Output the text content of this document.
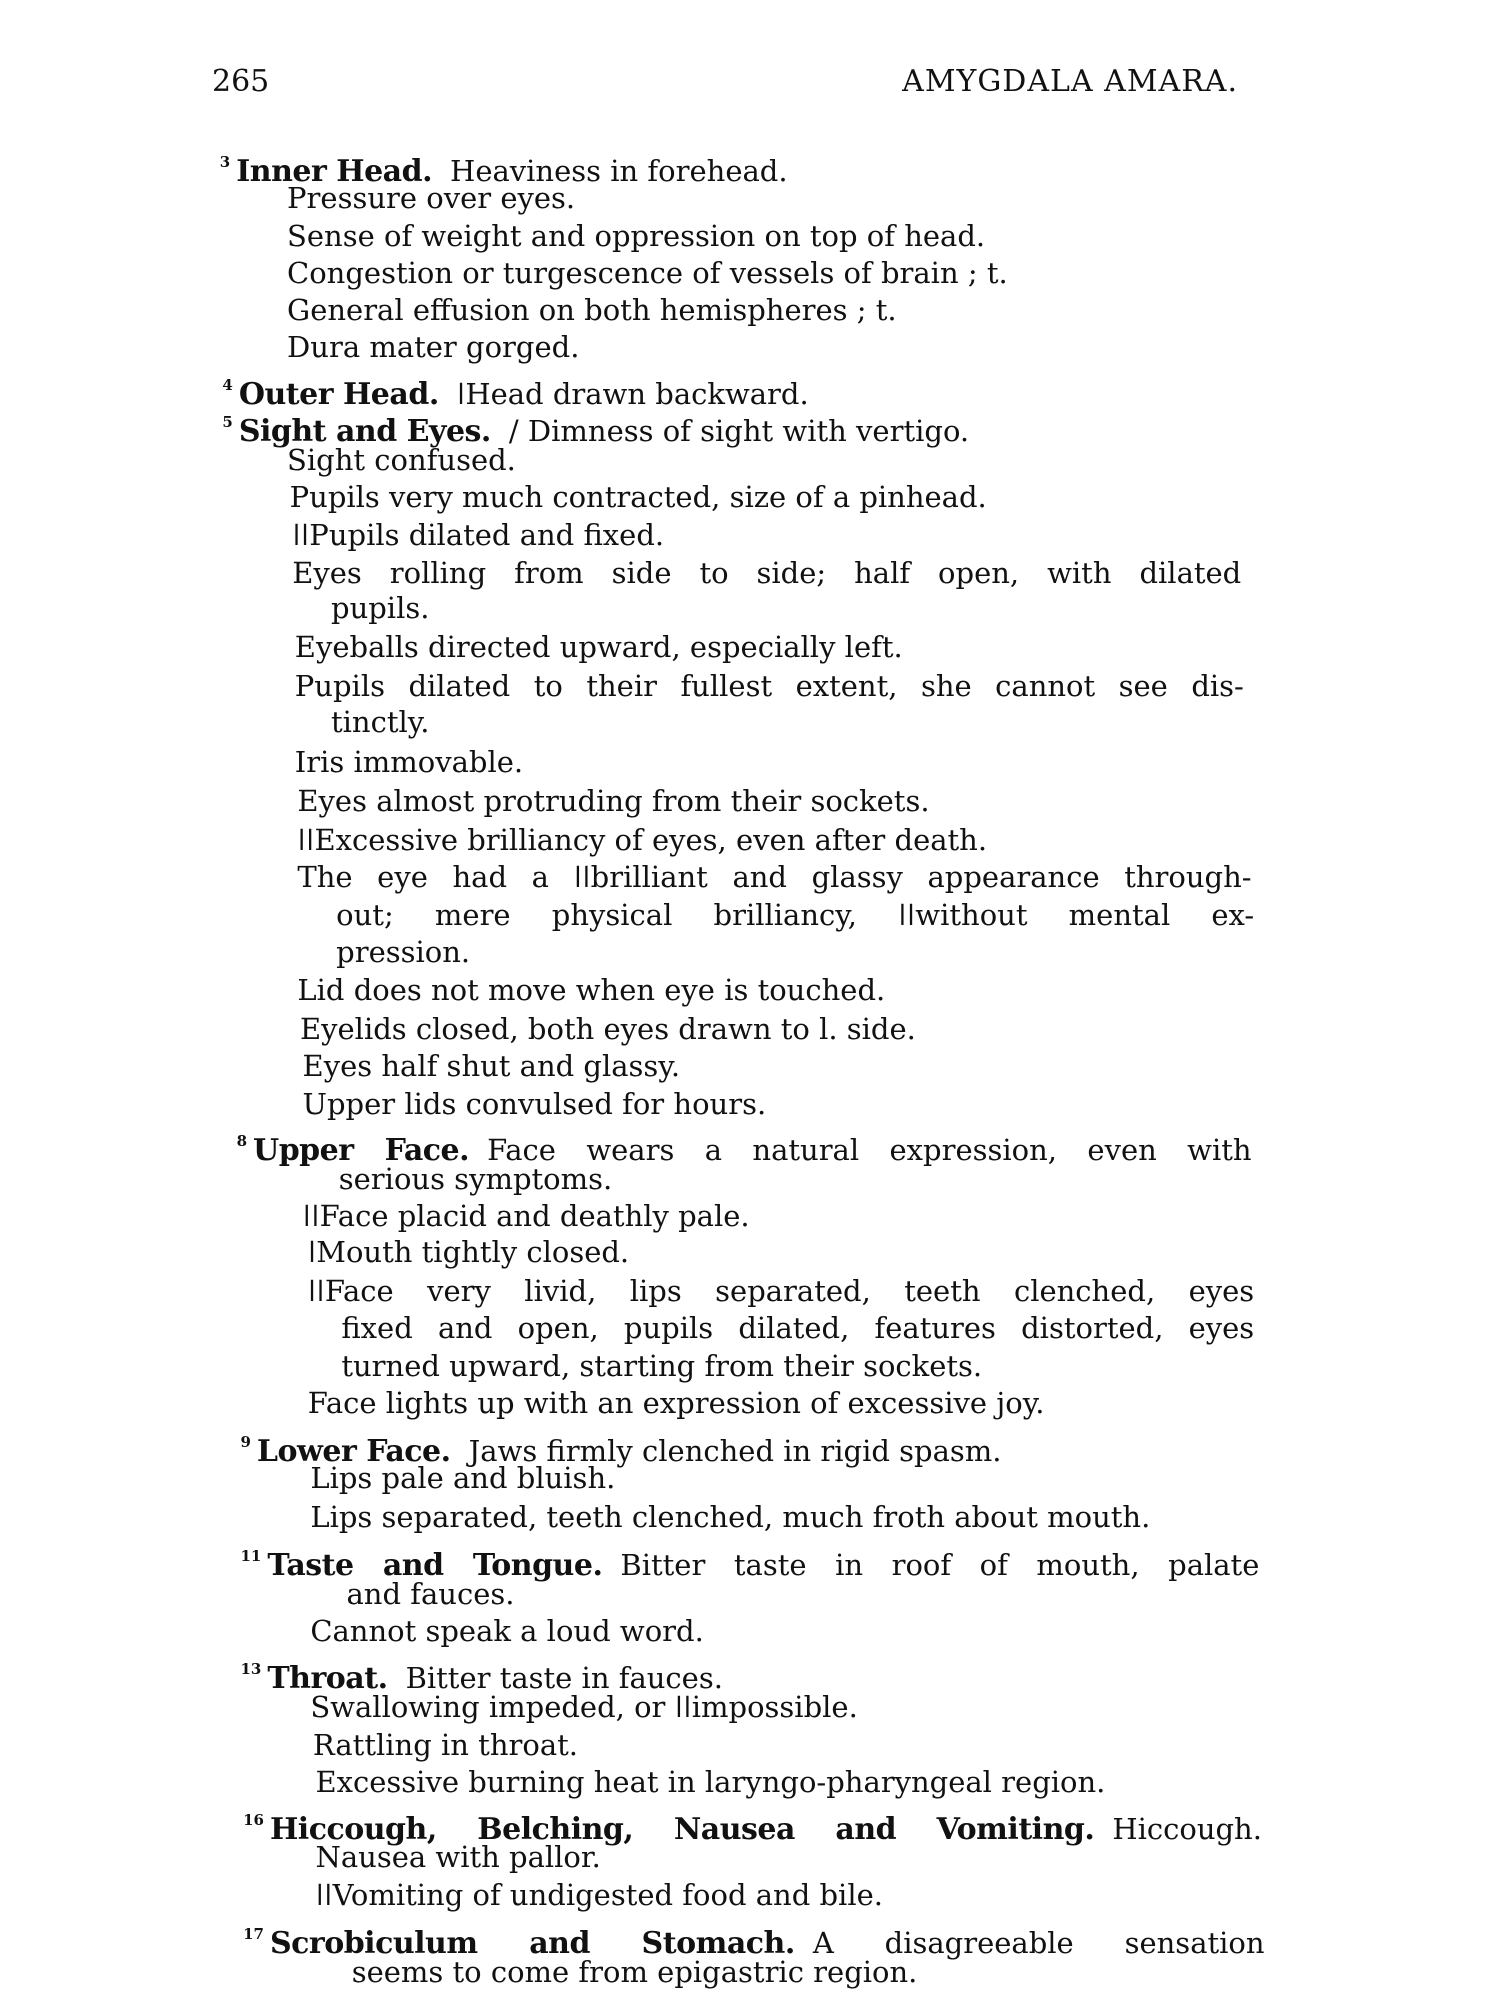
265	AMYGDALA AMARA.
$^3$ Inner Head. Heaviness in forehead.
Pressure over eyes.
Sense of weight and oppression on top of head.
Congestion or turgescence of vessels of brain ; t.
General effusion on both hemispheres ; t.
Dura mater gorged.
$^4$ Outer Head. ǀHead drawn backward.
$^5$ Sight and Eyes. / Dimness of sight with vertigo.
Sight confused.
Pupils very much contracted, size of a pinhead.
ǀǀPupils dilated and fixed.
Eyes rolling from side to side; half open, with dilated
pupils.
Eyeballs directed upward, especially left.
Pupils dilated to their fullest extent, she cannot see dis-
tinctly.
Iris immovable.
Eyes almost protruding from their sockets.
ǀǀExcessive brilliancy of eyes, even after death.
The eye had a ǀǀbrilliant and glassy appearance through-
out; mere physical brilliancy, ǀǀwithout mental ex-
pression.
Lid does not move when eye is touched.
Eyelids closed, both eyes drawn to l. side.
Eyes half shut and glassy.
Upper lids convulsed for hours.
$^8$ Upper Face. Face wears a natural expression, even with
serious symptoms.
ǀǀFace placid and deathly pale.
ǀMouth tightly closed.
ǀǀFace very livid, lips separated, teeth clenched, eyes
fixed and open, pupils dilated, features distorted, eyes
turned upward, starting from their sockets.
Face lights up with an expression of excessive joy.
$^9$ Lower Face. Jaws firmly clenched in rigid spasm.
Lips pale and bluish.
Lips separated, teeth clenched, much froth about mouth.
$^{11}$ Taste and Tongue. Bitter taste in roof of mouth, palate
and fauces.
Cannot speak a loud word.
$^{13}$ Throat. Bitter taste in fauces.
Swallowing impeded, or ǀǀimpossible.
Rattling in throat.
Excessive burning heat in laryngo-pharyngeal region.
$^{16}$ Hiccough, Belching, Nausea and Vomiting. Hiccough.
Nausea with pallor.
ǀǀVomiting of undigested food and bile.
$^{17}$ Scrobiculum and Stomach. A disagreeable sensation
seems to come from epigastric region.
